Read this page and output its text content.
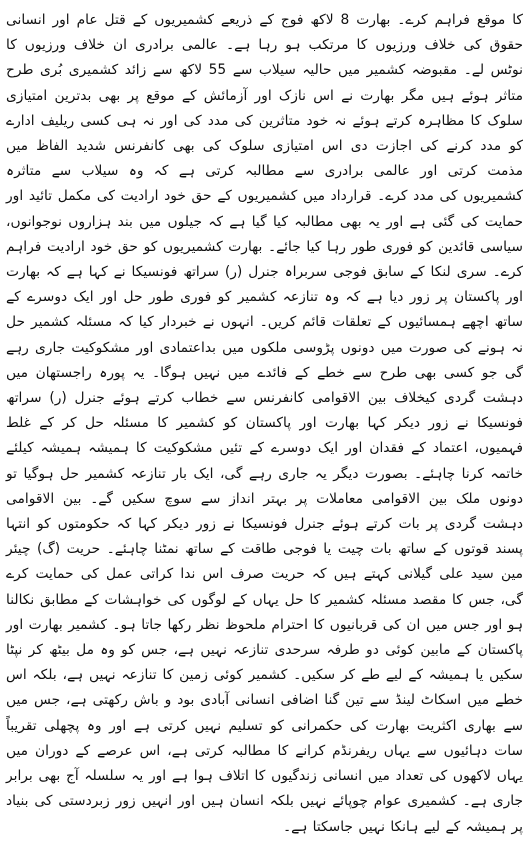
کا موقع فراہم کرے۔ بھارت 8 لاکھ فوج کے ذریعے کشمیریوں کے قتل عام اور انسانی حقوق کی خلاف ورزیوں کا مرتکب ہو رہا ہے۔ عالمی برادری ان خلاف ورزیوں کا نوٹس لے۔ مقبوضہ کشمیر میں حالیہ سیلاب سے 55 لاکھ سے زائد کشمیری بُری طرح متاثر ہوئے ہیں مگر بھارت نے اس نازک اور آزمائش کے موقع پر بھی بدترین امتیازی سلوک کا مظاہرہ کرتے ہوئے نہ خود متاثرین کی مدد کی اور نہ ہی کسی ریلیف ادارے کو مدد کرنے کی اجازت دی اس امتیازی سلوک کی بھی کانفرنس شدید الفاظ میں مذمت کرتی اور عالمی برادری سے مطالبہ کرتی ہے کہ وہ سیلاب سے متاثرہ کشمیریوں کی مدد کرے۔ قرارداد میں کشمیریوں کے حق خود ارادیت کی مکمل تائید اور حمایت کی گئی ہے اور یہ بھی مطالبہ کیا گیا ہے کہ جیلوں میں بند ہزاروں نوجوانوں، سیاسی قائدین کو فوری طور رہا کیا جائے۔ بھارت کشمیریوں کو حق خود ارادیت فراہم کرے۔ سری لنکا کے سابق فوجی سربراہ جنرل (ر) سراتھ فونسیکا نے کہا ہے کہ بھارت اور پاکستان پر زور دیا ہے کہ وہ تنازعہ کشمیر کو فوری طور حل اور ایک دوسرے کے ساتھ اچھے ہمسائیوں کے تعلقات قائم کریں۔ انہوں نے خبردار کیا کہ مسئلہ کشمیر حل نہ ہونے کی صورت میں دونوں پڑوسی ملکوں میں بداعتمادی اور مشکوکیت جاری رہے گی جو کسی بھی طرح سے خطے کے فائدے میں نہیں ہوگا۔ یہ پورہ راجستھان میں دہشت گردی کیخلاف بین الاقوامی کانفرنس سے خطاب کرتے ہوئے جنرل (ر) سراتھ فونسیکا نے زور دیکر کہا بھارت اور پاکستان کو کشمیر کا مسئلہ حل کر کے غلط فہمیوں، اعتماد کے فقدان اور ایک دوسرے کے تئیں مشکوکیت کا ہمیشہ ہمیشہ کیلئے خاتمہ کرنا چاہئے۔ بصورت دیگر یہ جاری رہے گی، ایک بار تنازعہ کشمیر حل ہوگیا تو دونوں ملک بین الاقوامی معاملات پر بہتر انداز سے سوچ سکیں گے۔ بین الاقوامی دہشت گردی پر بات کرتے ہوئے جنرل فونسیکا نے زور دیکر کہا کہ حکومتوں کو انتہا پسند قوتوں کے ساتھ بات چیت یا فوجی طاقت کے ساتھ نمٹنا چاہئے۔ حریت (گ) چیئر مین سید علی گیلانی کہتے ہیں کہ حریت صرف اس ندا کراتی عمل کی حمایت کرے گی، جس کا مقصد مسئلہ کشمیر کا حل یہاں کے لوگوں کی خواہشات کے مطابق نکالنا ہو اور جس میں ان کی قربانیوں کا احترام ملحوظ نظر رکھا جاتا ہو۔ کشمیر بھارت اور پاکستان کے مابین کوئی دو طرفہ سرحدی تنازعہ نہیں ہے، جس کو وہ مل بیٹھ کر نپٹا سکیں یا ہمیشہ کے لیے طے کر سکیں۔ کشمیر کوئی زمین کا تنازعہ نہیں ہے، بلکہ اس خطے میں اسکاٹ لینڈ سے تین گنا اضافی انسانی آبادی بود و باش رکھتی ہے، جس میں سے بھاری اکثریت بھارت کی حکمرانی کو تسلیم نہیں کرتی ہے اور وہ پچھلی تقریباً سات دہائیوں سے یہاں ریفرنڈم کرانے کا مطالبہ کرتی ہے، اس عرصے کے دوران میں یہاں لاکھوں کی تعداد میں انسانی زندگیوں کا اتلاف ہوا ہے اور یہ سلسلہ آج بھی برابر جاری ہے۔ کشمیری عوام چوپائے نہیں بلکہ انسان ہیں اور انہیں زور زبردستی کی بنیاد پر ہمیشہ کے لیے ہانکا نہیں جاسکتا ہے۔
